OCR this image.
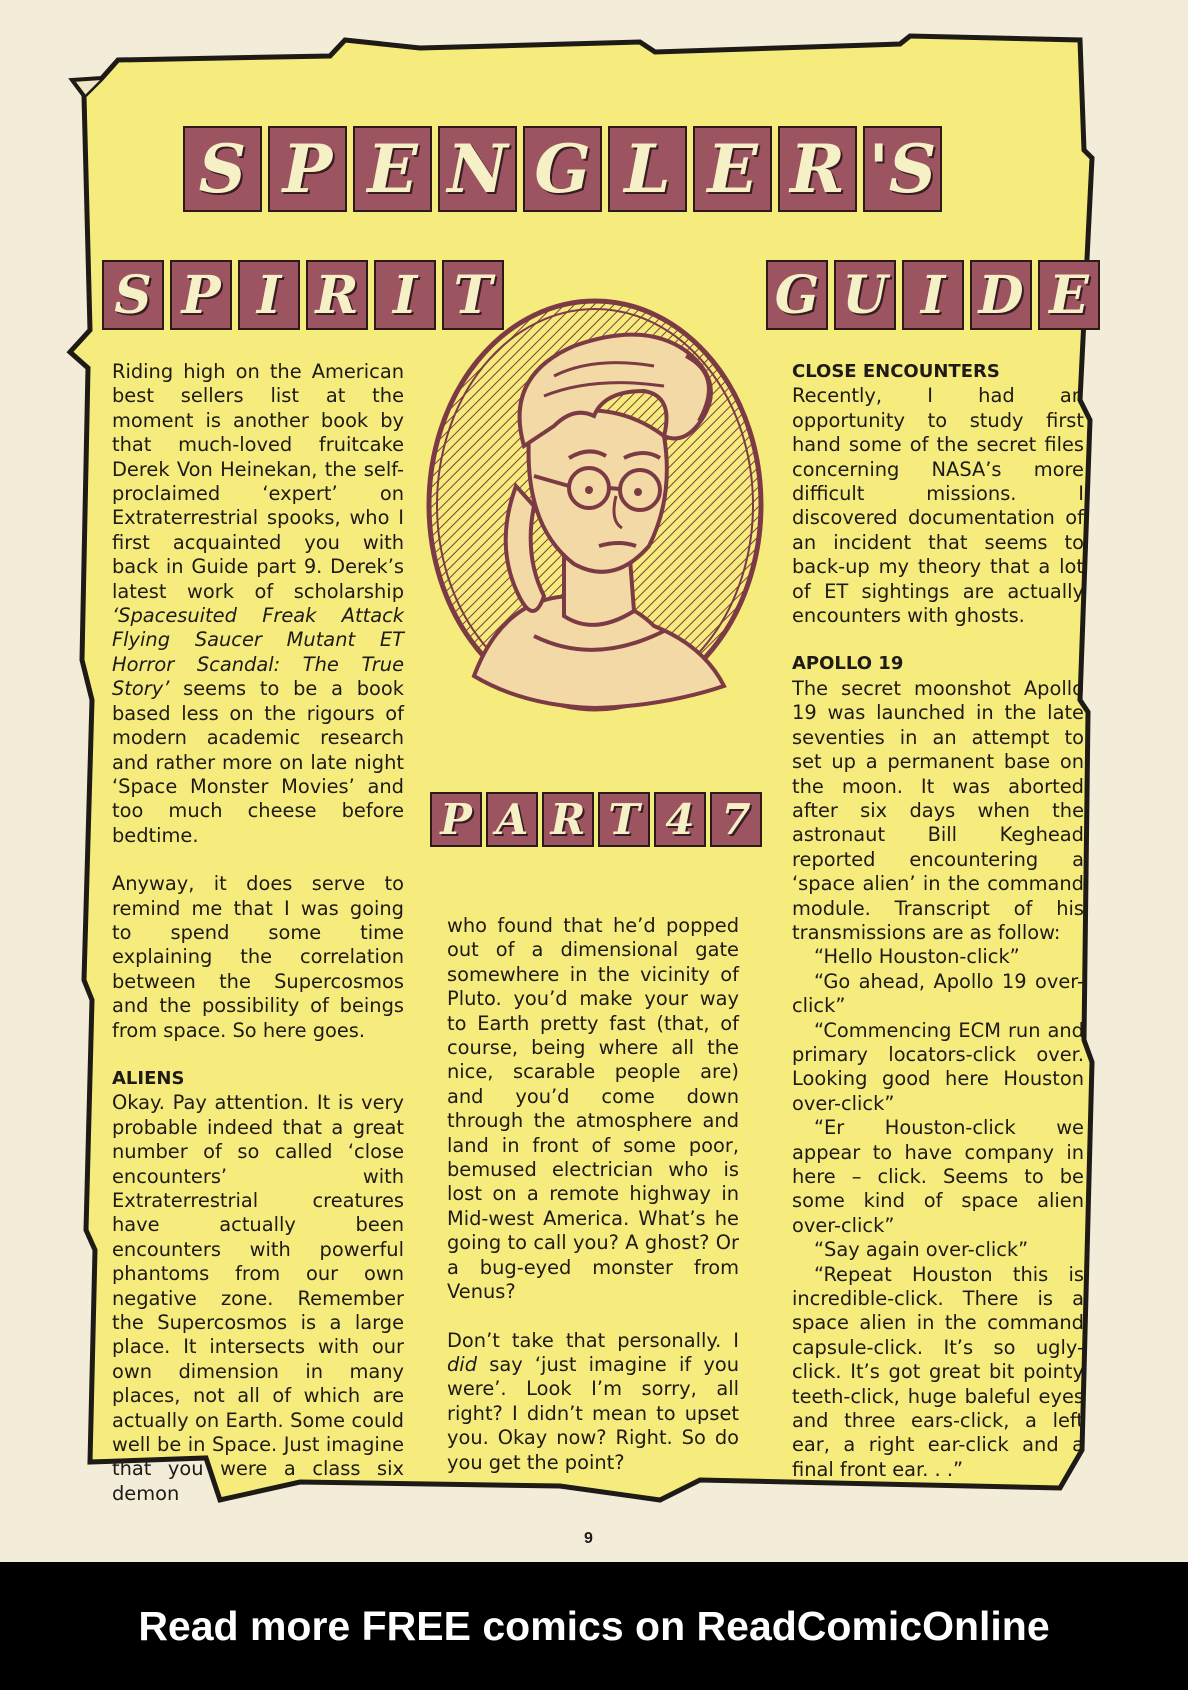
S P E N G L E R 'S
S P I R I T	G U I D E
P A R T 4 7

Riding high on the American best sellers list at the moment is another book by that much-loved fruitcake Derek Von Heinekan, the self-proclaimed ‘expert’ on Extraterrestrial spooks, who I first acquainted you with back in Guide part 9. Derek’s latest work of scholarship ‘Spacesuited Freak Attack Flying Saucer Mutant ET Horror Scandal: The True Story’ seems to be a book based less on the rigours of modern academic research and rather more on late night ‘Space Monster Movies’ and too much cheese before bedtime.

Anyway, it does serve to remind me that I was going to spend some time explaining the correlation between the Supercosmos and the possibility of beings from space. So here goes.

ALIENS

Okay. Pay attention. It is very probable indeed that a great number of so called ‘close encounters’ with Extraterrestrial creatures have actually been encounters with powerful phantoms from our own negative zone. Remember the Supercosmos is a large place. It intersects with our own dimension in many places, not all of which are actually on Earth. Some could well be in Space. Just imagine that you were a class six demon

who found that he’d popped out of a dimensional gate somewhere in the vicinity of Pluto. you’d make your way to Earth pretty fast (that, of course, being where all the nice, scarable people are) and you’d come down through the atmosphere and land in front of some poor, bemused electrician who is lost on a remote highway in Mid-west America. What’s he going to call you? A ghost? Or a bug-eyed monster from Venus?

Don’t take that personally. I did say ‘just imagine if you were’. Look I’m sorry, all right? I didn’t mean to upset you. Okay now? Right. So do you get the point?

CLOSE ENCOUNTERS

Recently, I had an opportunity to study first hand some of the secret files concerning NASA’s more difficult missions. I discovered documentation of an incident that seems to back-up my theory that a lot of ET sightings are actually encounters with ghosts.

APOLLO 19

The secret moonshot Apollo 19 was launched in the late seventies in an attempt to set up a permanent base on the moon. It was aborted after six days when the astronaut Bill Keghead reported encountering a ‘space alien’ in the command module. Transcript of his transmissions are as follow:

“Hello Houston-click”

“Go ahead, Apollo 19 over-click”

“Commencing ECM run and primary locators-click over. Looking good here Houston over-click”

“Er Houston-click we appear to have company in here – click. Seems to be some kind of space alien over-click”

“Say again over-click”

“Repeat Houston this is incredible-click. There is a space alien in the command capsule-click. It’s so ugly-click. It’s got great bit pointy teeth-click, huge baleful eyes and three ears-click, a left ear, a right ear-click and a final front ear. . .”

9
Read more FREE comics on ReadComicOnline
